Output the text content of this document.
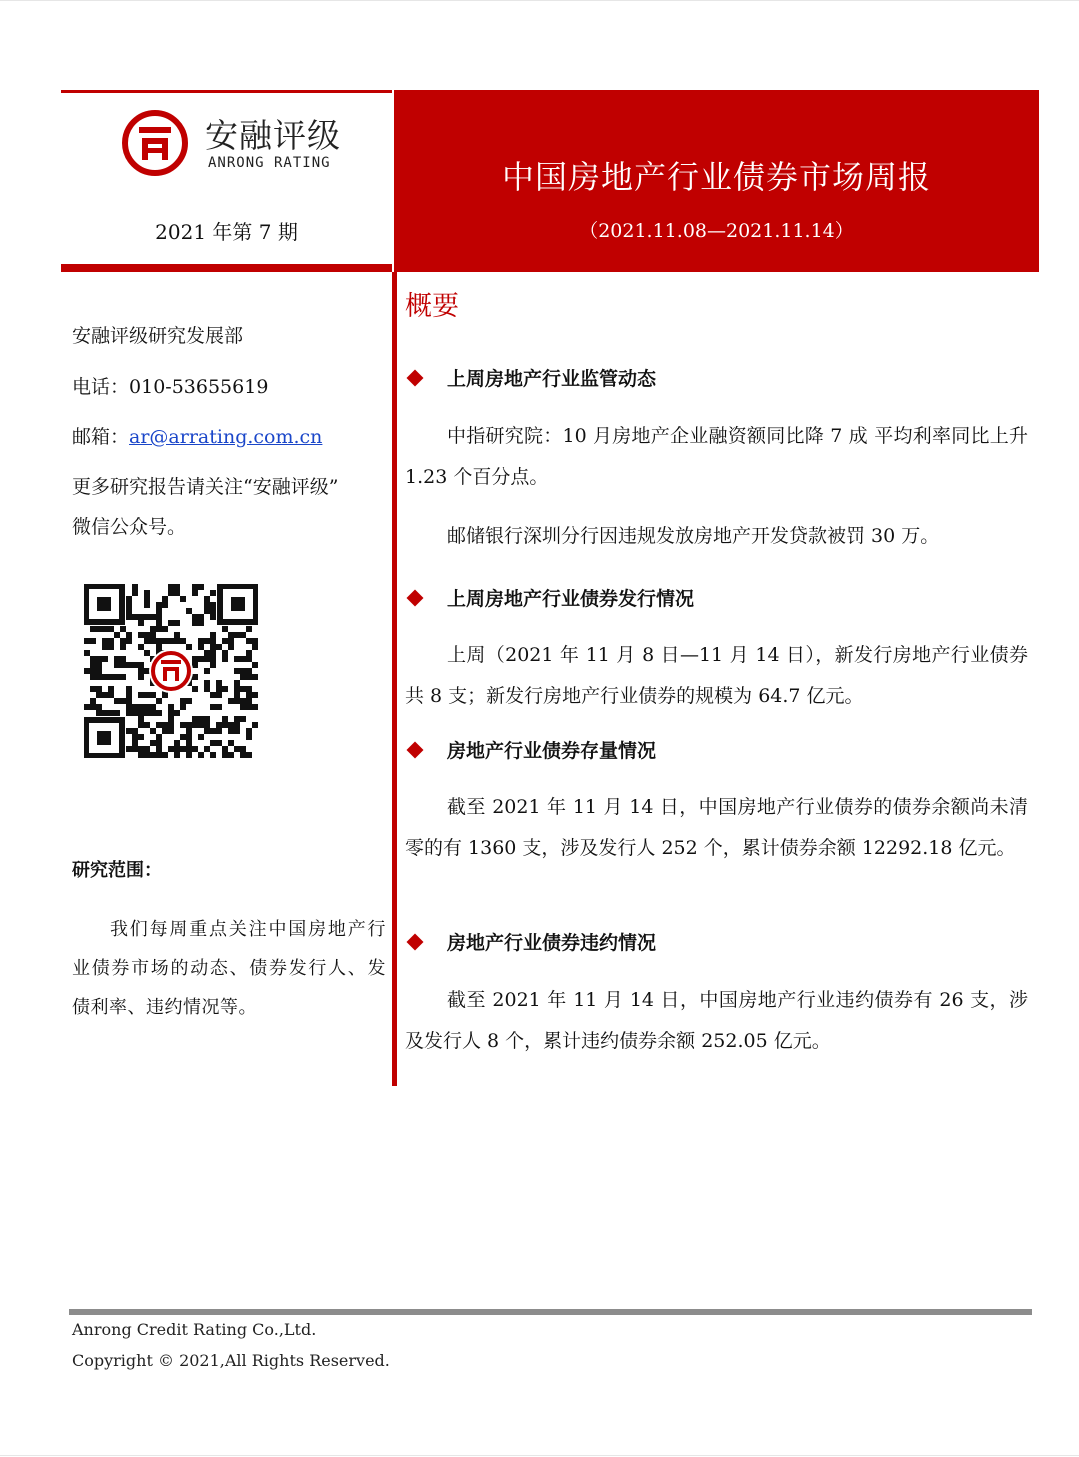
安融评级
ANRONG RATING
2021 年第 7 期
中国房地产行业债券市场周报
（2021.11.08—2021.11.14）
安融评级研究发展部
电话：010-53655619
邮箱：ar@arrating.com.cn
更多研究报告请关注“安融评级”
微信公众号。
研究范围：
我们每周重点关注中国房地产行业债券市场的动态、债券发行人、发债利率、违约情况等。
概要
上周房地产行业监管动态
中指研究院：10 月房地产企业融资额同比降 7 成 平均利率同比上升 1.23 个百分点。
邮储银行深圳分行因违规发放房地产开发贷款被罚 30 万。
上周房地产行业债券发行情况
上周（2021 年 11 月 8 日—11 月 14 日），新发行房地产行业债券共 8 支；新发行房地产行业债券的规模为 64.7 亿元。
房地产行业债券存量情况
截至 2021 年 11 月 14 日，中国房地产行业债券的债券余额尚未清零的有 1360 支，涉及发行人 252 个，累计债券余额 12292.18 亿元。
房地产行业债券违约情况
截至 2021 年 11 月 14 日，中国房地产行业违约债券有 26 支，涉及发行人 8 个，累计违约债券余额 252.05 亿元。
Anrong Credit Rating Co.,Ltd.
Copyright © 2021,All Rights Reserved.
